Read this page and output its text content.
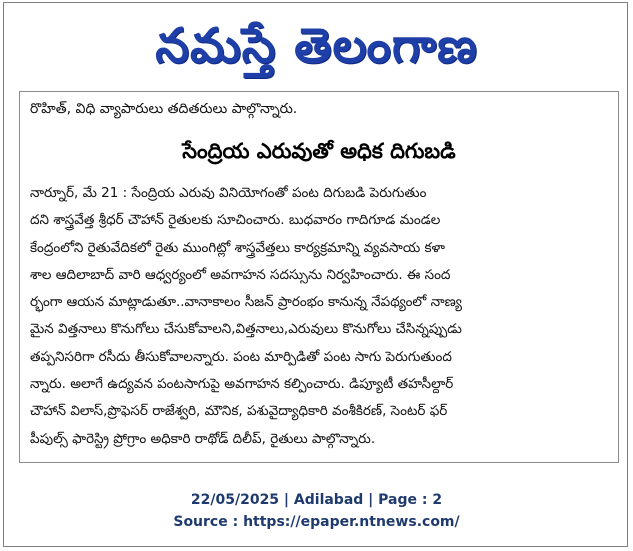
నమస్తే తెలంగాణ
రొహిత్, విధి వ్యాపారులు తదితరులు పాల్గొన్నారు.
సేంద్రియ ఎరువుతో అధిక దిగుబడి
నార్నూర్, మే 21 : సేంద్రియ ఎరువు వినియోగంతో పంట దిగుబడి పెరుగుతుం
దని శాస్త్రవేత్త శ్రీధర్ చౌహాన్ రైతులకు సూచించారు. బుధవారం గాదిగూడ మండల
కేంద్రంలోని రైతువేదికలో రైతు ముంగిట్లో శాస్త్రవేత్తలు కార్యక్రమాన్ని వ్యవసాయ కళా
శాల ఆదిలాబాద్ వారి ఆధ్వర్యంలో అవగాహన సదస్సును నిర్వహించారు. ఈ సంద
ర్భంగా ఆయన మాట్లాడుతూ..వానాకాలం సీజన్ ప్రారంభం కానున్న నేపథ్యంలో నాణ్య
మైన విత్తనాలు కొనుగోలు చేసుకోవాలని,విత్తనాలు,ఎరువులు కొనుగోలు చేసిన్నప్పుడు
తప్పనిసరిగా రసీదు తీసుకోవాలన్నారు. పంట మార్పిడితో పంట సాగు పెరుగుతుంద
న్నారు. అలాగే ఉద్యవన పంటసాగుపై అవగాహన కల్పించారు. డిప్యూటీ తహసీల్దార్
చౌహాన్ విలాస్,ప్రొఫెసర్ రాజేశ్వరి, మౌనిక, పశువైద్యాధికారి వంశీకిరణ్, సెంటర్ ఫర్
పీపుల్స్ ఫారెస్ట్రి ప్రోగ్రాం అధికారి రాథోడ్ దిలీప్, రైతులు పాల్గొన్నారు.
22/05/2025 | Adilabad | Page : 2
Source : https://epaper.ntnews.com/
